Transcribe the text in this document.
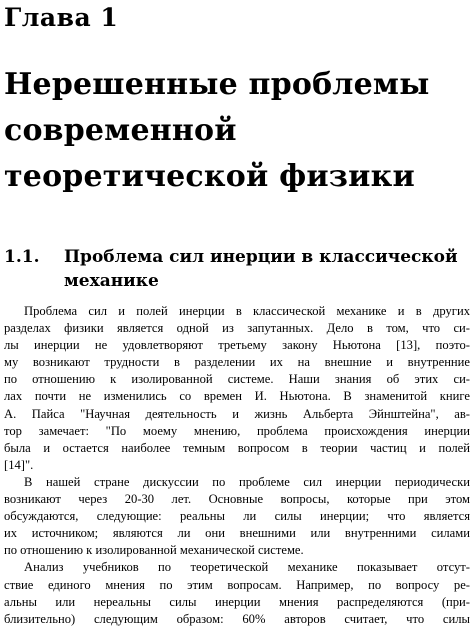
Глава 1
Нерешенные проблемы
современной
теоретической физики
1.1. Проблема сил инерции в классической
механике
Проблема сил и полей инерции в классической механике и в других
разделах физики является одной из запутанных. Дело в том, что си-
лы инерции не удовлетворяют третьему закону Ньютона [13], поэто-
му возникают трудности в разделении их на внешние и внутренние
по отношению к изолированной системе. Наши знания об этих си-
лах почти не изменились со времен И. Ньютона. В знаменитой книге
А. Пайса "Научная деятельность и жизнь Альберта Эйнштейна", ав-
тор замечает: "По моему мнению, проблема происхождения инерции
была и остается наиболее темным вопросом в теории частиц и полей
[14]".
В нашей стране дискуссии по проблеме сил инерции периодически
возникают через 20-30 лет. Основные вопросы, которые при этом
обсуждаются, следующие: реальны ли силы инерции; что является
их источником; являются ли они внешними или внутренними силами
по отношению к изолированной механической системе.
Анализ учебников по теоретической механике показывает отсут-
ствие единого мнения по этим вопросам. Например, по вопросу ре-
альны или нереальны силы инерции мнения распределяются (при-
близительно) следующим образом: 60% авторов считает, что силы
